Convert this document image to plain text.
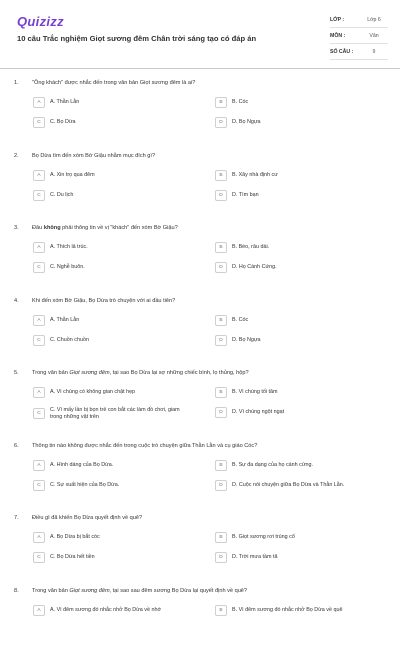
Quizizz
10 câu Trắc nghiệm Giọt sương đêm Chân trời sáng tạo có đáp án
LỚP :	Lớp 6
MÔN :	Văn
SỐ CÂU :	9
1.	"Ông khách" được nhắc đến trong văn bản Giọt sương đêm là ai?
A	A. Thằn Lằn	B	B. Cóc
C	C. Bọ Dừa	D	D. Bọ Ngựa
2.	Bọ Dừa tìm đến xóm Bờ Giậu nhằm mục đích gì?
A	A. Xin trọ qua đêm	B	B. Xây nhà định cư
C	C. Du lịch	D	D. Tìm bạn
3.	Đâu không phải thông tin về vị "khách" đến xóm Bờ Giậu?
A	A. Thích lả trúc.	B	B. Béo, râu dài.
C	C. Nghễ buôn.	D	D. Họ Cánh Cứng.
4.	Khi đến xóm Bờ Giậu, Bọ Dừa trò chuyện với ai đầu tiên?
A	A. Thằn Lằn	B	B. Cóc
C	C. Chuồn chuồn	D	D. Bọ Ngựa
5.	Trong văn bản Giọt sương đêm, tại sao Bọ Dừa lại sợ những chiếc bình, lọ thủng, hộp?
A	A. Vì chúng có không gian chật hẹp	B	B. Vì chúng tối tăm
C
C. Vì mấy lần bị bọn trẻ con bắt các làm đồ chơi, giam trong những vật trên
D	D. Vì chúng ngột ngạt
6.	Thông tin nào không được nhắc đến trong cuộc trò chuyện giữa Thằn Lằn và cụ giáo Cóc?
A	A. Hình dáng của Bọ Dừa.	B	B. Sự đa dạng của họ cánh cứng.
C	C. Sự xuất hiện của Bọ Dừa.	D	D. Cuộc nói chuyện giữa Bọ Dừa và Thằn Lằn.
7.	Điều gì đã khiến Bọ Dừa quyết định về quê?
A	A. Bọ Dừa bị bắt cóc	B	B. Giọt sương rơi trúng cổ
C	C. Bọ Dừa hết tiền	D	D. Trời mưa tầm tã
8.	Trong văn bản Giọt sương đêm, tại sao sau đêm sương Bọ Dừa lại quyết định về quê?
A	A. Vì đêm sương đó nhắc nhở Bọ Dừa về nhớ	B	B. Vì đêm sương đó nhắc nhở Bọ Dừa về quê
